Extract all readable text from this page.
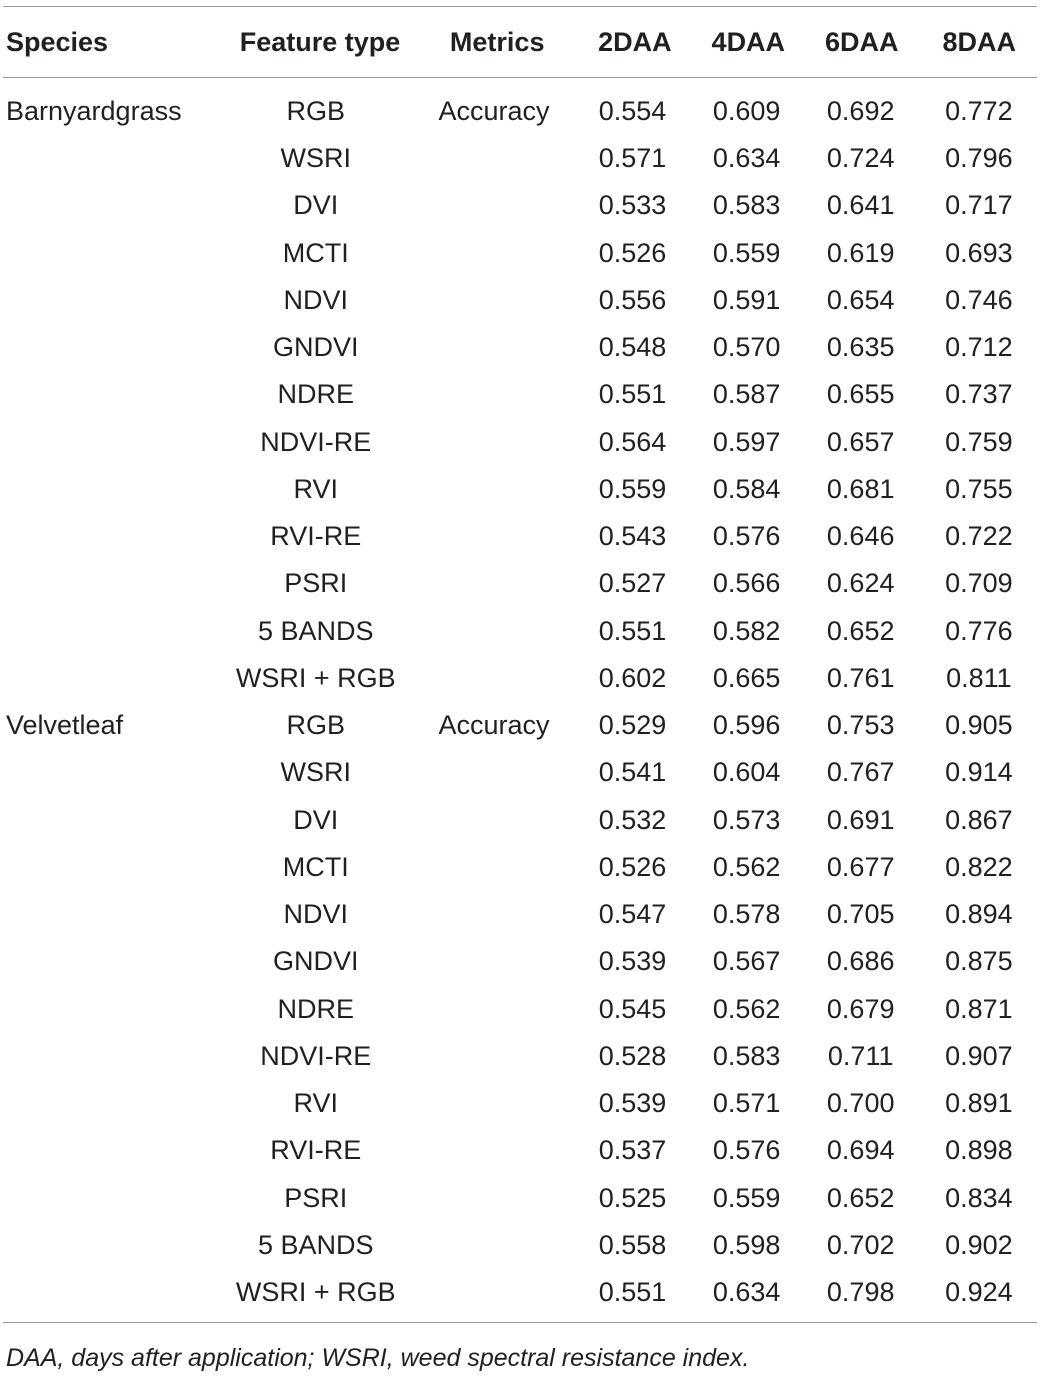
Species	Feature type	Metrics	2DAA	4DAA	6DAA	8DAA
Barnyardgrass	RGB	Accuracy	0.554	0.609	0.692	0.772
	WSRI		0.571	0.634	0.724	0.796
	DVI		0.533	0.583	0.641	0.717
	MCTI		0.526	0.559	0.619	0.693
	NDVI		0.556	0.591	0.654	0.746
	GNDVI		0.548	0.570	0.635	0.712
	NDRE		0.551	0.587	0.655	0.737
	NDVI-RE		0.564	0.597	0.657	0.759
	RVI		0.559	0.584	0.681	0.755
	RVI-RE		0.543	0.576	0.646	0.722
	PSRI		0.527	0.566	0.624	0.709
	5 BANDS		0.551	0.582	0.652	0.776
	WSRI + RGB		0.602	0.665	0.761	0.811
Velvetleaf	RGB	Accuracy	0.529	0.596	0.753	0.905
	WSRI		0.541	0.604	0.767	0.914
	DVI		0.532	0.573	0.691	0.867
	MCTI		0.526	0.562	0.677	0.822
	NDVI		0.547	0.578	0.705	0.894
	GNDVI		0.539	0.567	0.686	0.875
	NDRE		0.545	0.562	0.679	0.871
	NDVI-RE		0.528	0.583	0.711	0.907
	RVI		0.539	0.571	0.700	0.891
	RVI-RE		0.537	0.576	0.694	0.898
	PSRI		0.525	0.559	0.652	0.834
	5 BANDS		0.558	0.598	0.702	0.902
	WSRI + RGB		0.551	0.634	0.798	0.924
DAA, days after application; WSRI, weed spectral resistance index.
